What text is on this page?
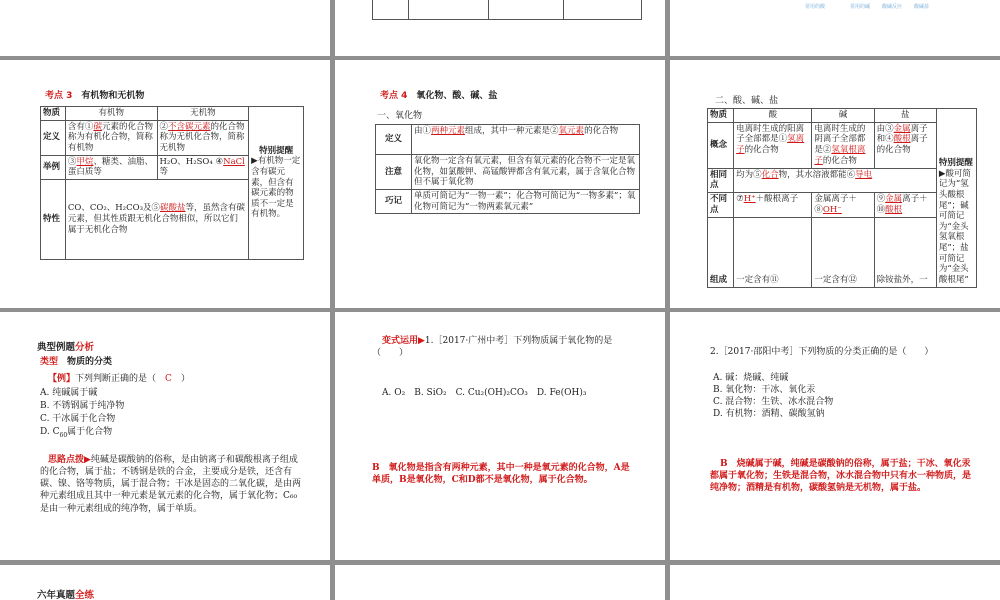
常用的酸	常用的碱 酸碱反应 酸碱盐
考点 3　 有机物和无机物
物质	有机物	无机物	特别提醒
▶有机物一定含有碳元素，但含有碳元素的物质不一定是有机物。

定义	含有①碳元素的化合物称为有机化合物，简称有机物	②不含碳元素的化合物称为无机化合物，简称无机物	
举例	③甲烷、糖类、油脂、蛋白质等	H₂O、H₂SO₄ ④NaCl等	
特性	CO、CO₂、H₂CO₃及⑤碳酸盐等，虽然含有碳元素，但其性质跟无机化合物相似，所以它们属于无机化合物		
考点 4　 氧化物、酸、碱、盐
一、氧化物
定义	由①两种元素组成，其中一种元素是②氧元素的化合物
注意	氧化物一定含有氧元素，但含有氧元素的化合物不一定是氧化物，如氯酸钾、高锰酸钾都含有氧元素，属于含氧化合物但不属于氧化物
巧记	单质可简记为“一物一素”；化合物可简记为“一物多素”；氧化物可简记为“一物两素氧元素”
二、酸、碱、盐
物质	酸	碱	盐	特别提醒
▶酸可简记为“氢头酸根尾”；碱可简记为“金头氢氧根尾”；盐可简记为“金头酸根尾”

概念	电离时生成的阳离子全部都是①氢离子的化合物	电离时生成的阴离子全部都是②氢氧根离子的化合物	由③金属离子和④酸根离子的化合物	
相同点	均为⑤化合物，其水溶液都能⑥导电			
不同点	⑦H⁺＋酸根离子	金属离子＋⑧OH⁻	⑨金属离子＋⑩酸根	
组成	一定含有⑪	一定含有⑫	除铵盐外，一	
典型例题分析
类型　 物质的分类
【例】下列判断正确的是（　 C　 ）
A. 纯碱属于碱
B. 不锈钢属于纯净物
C. 干冰属于化合物
D. $C_{60}$属于化合物
思路点拨▶纯碱是碳酸钠的俗称，是由钠离子和碳酸根离子组成的化合物，属于盐；不锈钢是铁的合金，主要成分是铁，还含有碳、镍、铬等物质，属于混合物；干冰是固态的二氧化碳，是由两种元素组成且其中一种元素是氧元素的化合物，属于氧化物；C₆₀是由一种元素组成的纯净物，属于单质。
变式运用▶1.［2017·广州中考］下列物质属于氧化物的是（　　）
A. O₂　B. SiO₂　C. Cu₂(OH)₂CO₃　D. Fe(OH)₃
B　氧化物是指含有两种元素，其中一种是氧元素的化合物，A是单质，B是氧化物，C和D都不是氧化物，属于化合物。
2.［2017·邵阳中考］下列物质的分类正确的是（　　）
A. 碱：烧碱、纯碱
B. 氧化物：干冰、氧化汞
C. 混合物：生铁、冰水混合物
D. 有机物：酒精、碳酸氢钠
B　烧碱属于碱，纯碱是碳酸钠的俗称，属于盐；干冰、氧化汞都属于氧化物；生铁是混合物，冰水混合物中只有水一种物质，是纯净物；酒精是有机物，碳酸氢钠是无机物，属于盐。
六年真题全练
